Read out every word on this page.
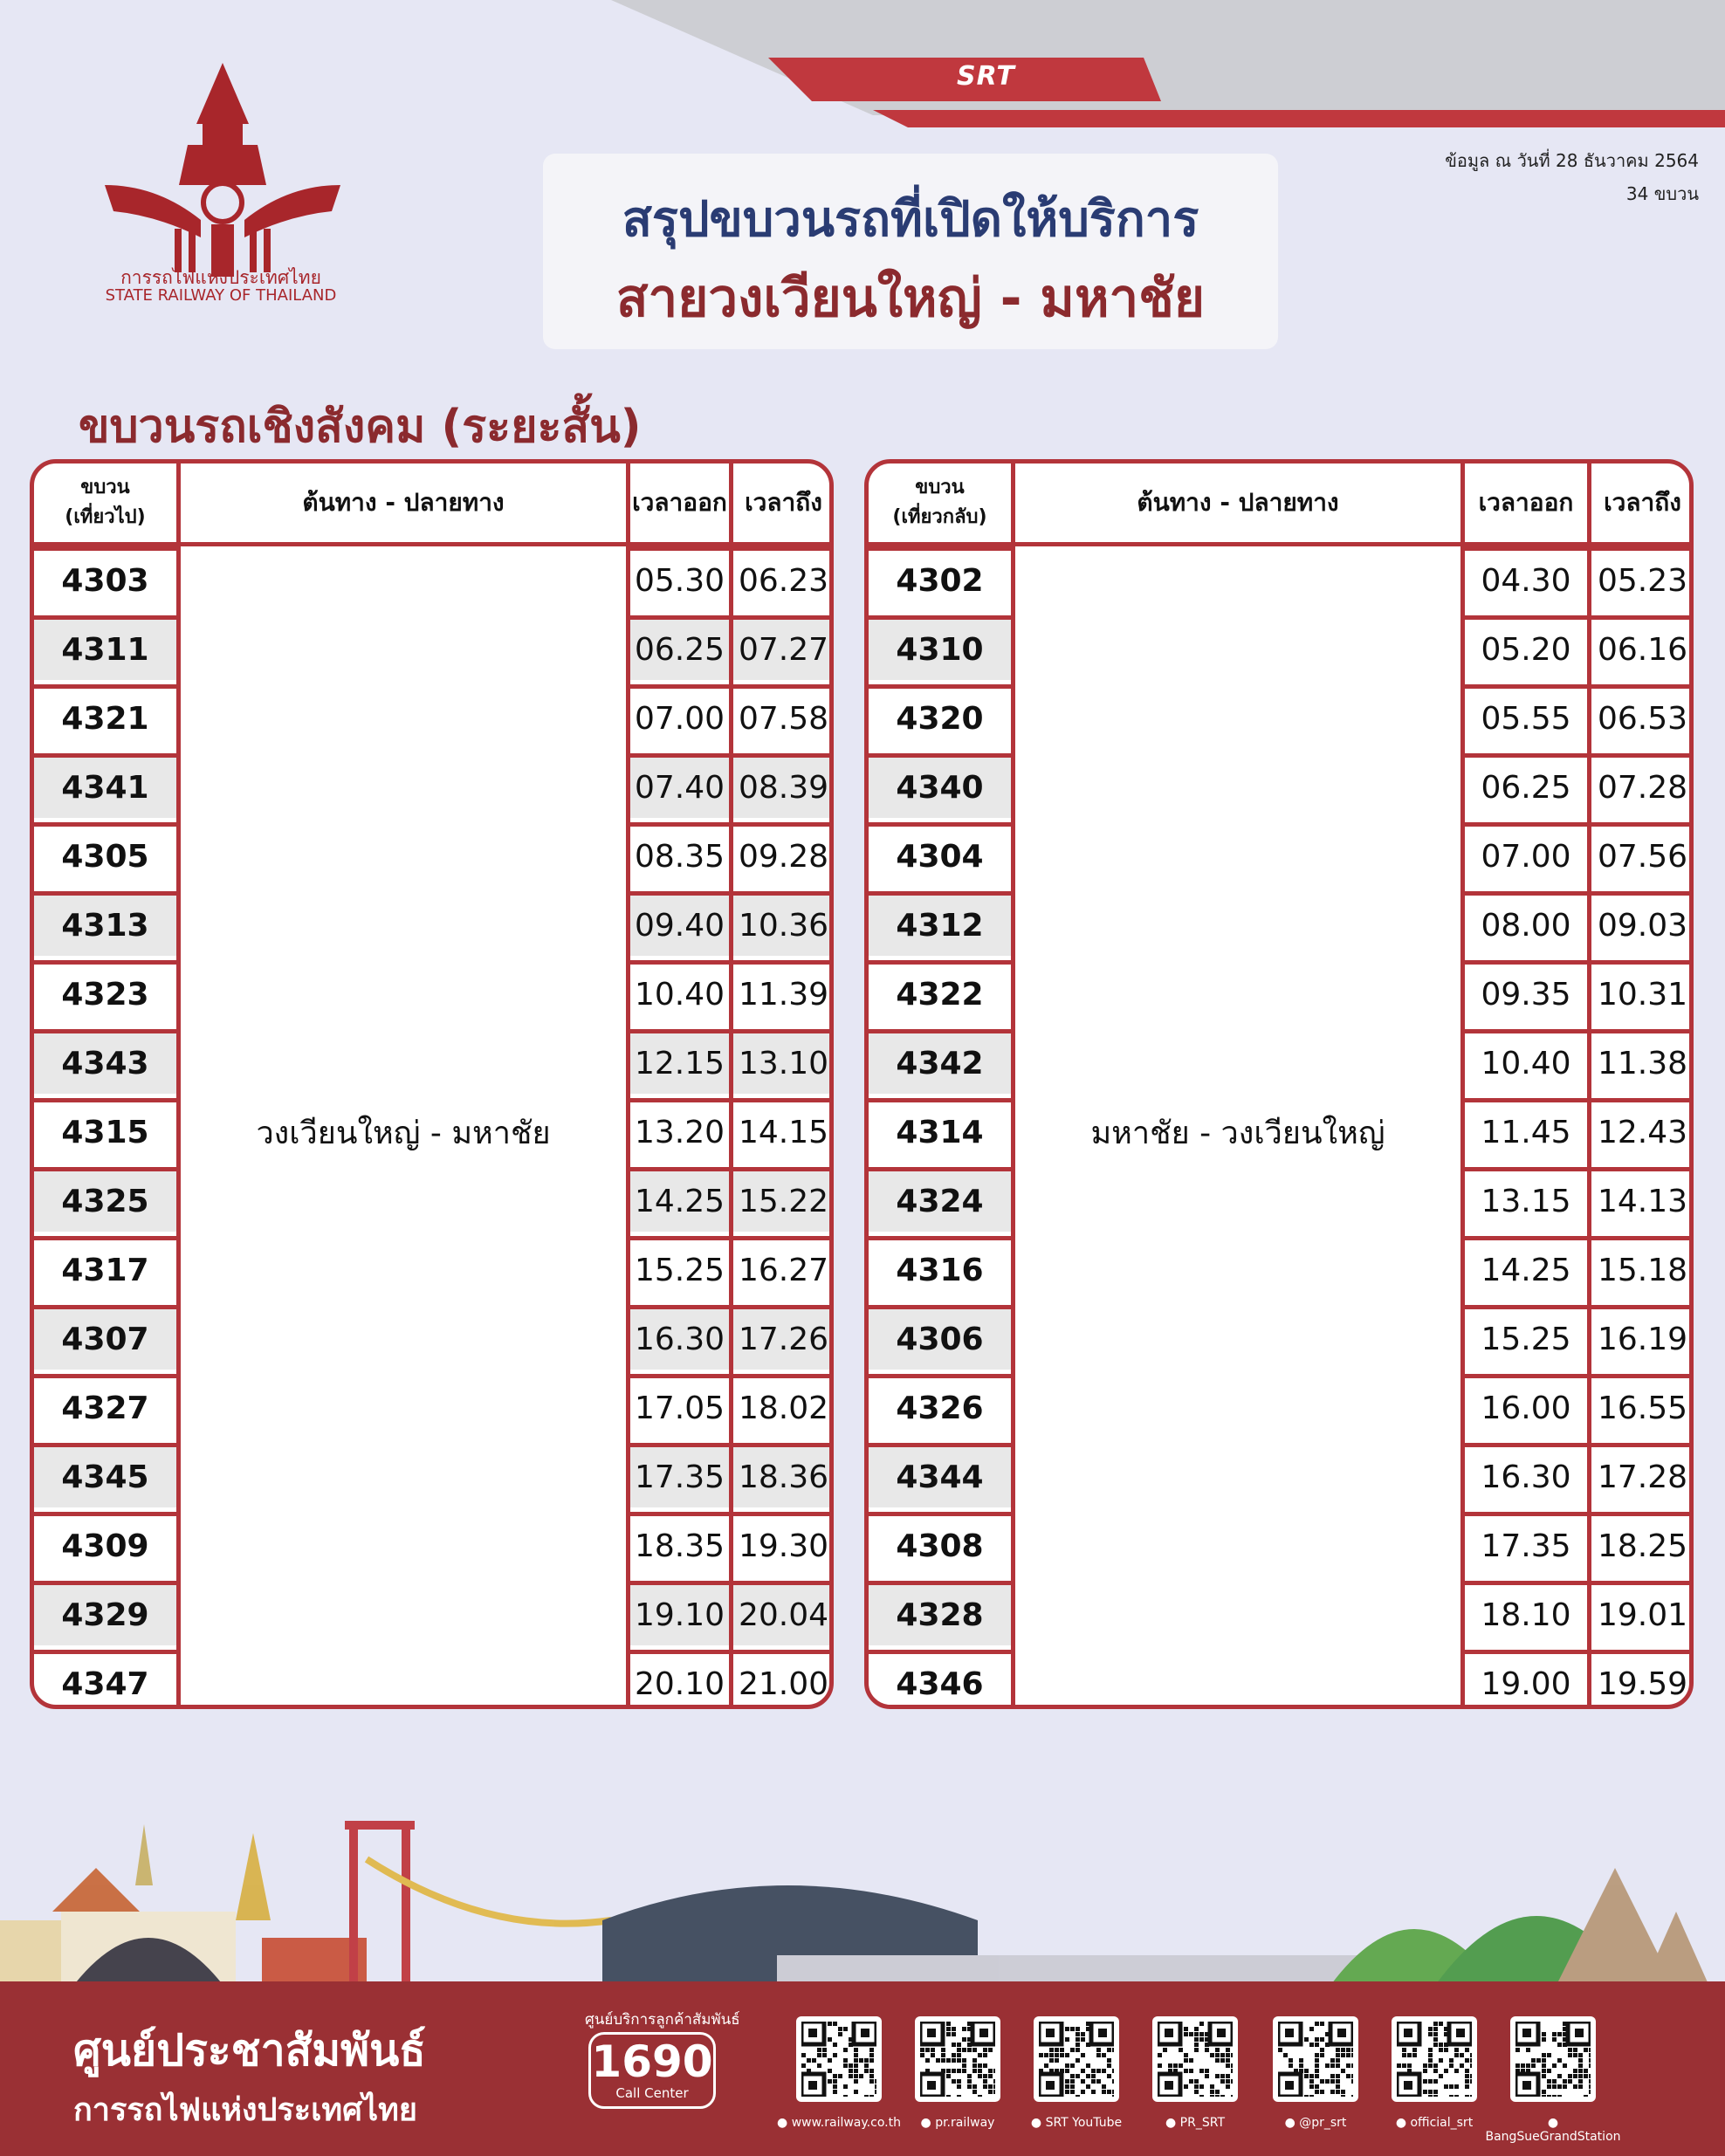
SRT
การรถไฟแห่งประเทศไทย
STATE RAILWAY OF THAILAND
สรุปขบวนรถที่เปิดให้บริการ
สายวงเวียนใหญ่ - มหาชัย
ข้อมูล ณ วันที่ 28 ธันวาคม 2564
34 ขบวน
ขบวนรถเชิงสังคม (ระยะสั้น)
ขบวน
(เที่ยวไป)
ต้นทาง - ปลายทาง	เวลาออก เวลาถึง
4303	05.30 06.23
4311	06.25 07.27
4321	07.00 07.58
4341	07.40 08.39
4305	08.35 09.28
4313	09.40 10.36
4323	10.40 11.39
4343	12.15 13.10
4315	13.20 14.15
4325	14.25 15.22
4317	15.25 16.27
4307	16.30 17.26
4327	17.05 18.02
4345	17.35 18.36
4309	18.35 19.30
4329	19.10 20.04
4347	20.10 21.00
วงเวียนใหญ่ - มหาชัย
ขบวน
(เที่ยวกลับ)
ต้นทาง - ปลายทาง	เวลาออก	เวลาถึง
4302	04.30 05.23
4310	05.20 06.16
4320	05.55 06.53
4340	06.25 07.28
4304	07.00 07.56
4312	08.00 09.03
4322	09.35 10.31
4342	10.40 11.38
4314	11.45 12.43
4324	13.15 14.13
4316	14.25 15.18
4306	15.25 16.19
4326	16.00 16.55
4344	16.30 17.28
4308	17.35 18.25
4328	18.10 19.01
4346	19.00 19.59
มหาชัย - วงเวียนใหญ่
ศูนย์ประชาสัมพันธ์
การรถไฟแห่งประเทศไทย
ศูนย์บริการลูกค้าสัมพันธ์
1690
Call Center
● www.railway.co.th	● pr.railway	● SRT YouTube	● PR_SRT	● @pr_srt	● official_srt	● BangSueGrandStation
